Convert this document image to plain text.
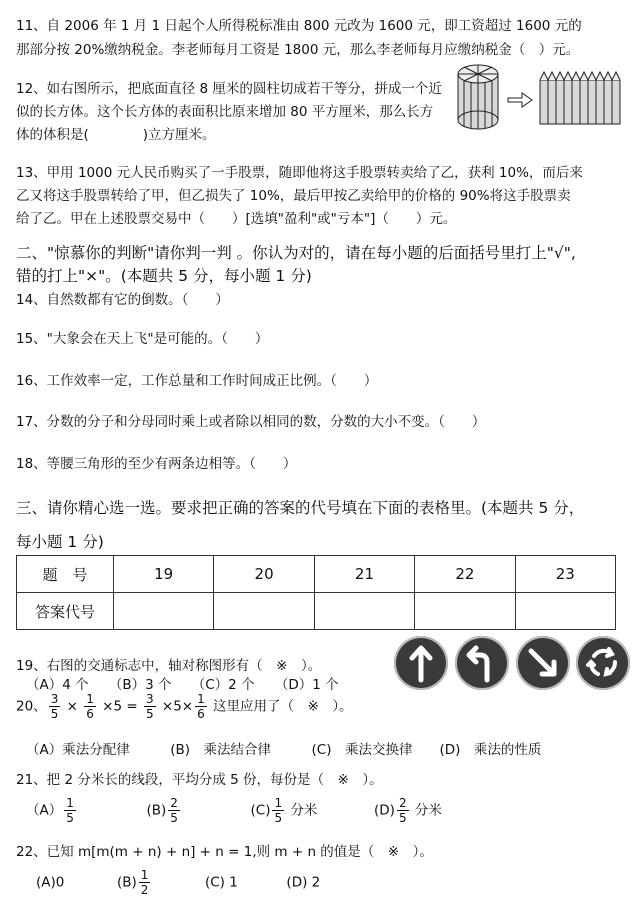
11、自 2006 年 1 月 1 日起个人所得税标准由 800 元改为 1600 元，即工资超过 1600 元的
那部分按 20%缴纳税金。李老师每月工资是 1800 元，那么李老师每月应缴纳税金（　）元。
12、如右图所示，把底面直径 8 厘米的圆柱切成若干等分，拼成一个近
似的长方体。这个长方体的表面积比原来增加 80 平方厘米，那么长方
体的体积是(　　　　)立方厘米。
13、甲用 1000 元人民币购买了一手股票，随即他将这手股票转卖给了乙，获利 10%，而后来
乙又将这手股票转给了甲，但乙损失了 10%，最后甲按乙卖给甲的价格的 90%将这手股票卖
给了乙。甲在上述股票交易中（　　）[选填"盈利"或"亏本"]（　　）元。
二、"惊慕你的判断"请你判一判 。你认为对的，请在每小题的后面括号里打上"√",
错的打上"×"。(本题共 5 分，每小题 1 分)
14、自然数都有它的倒数。（　　）
15、"大象会在天上飞"是可能的。（　　）
16、工作效率一定，工作总量和工作时间成正比例。（　　）
17、分数的分子和分母同时乘上或者除以相同的数，分数的大小不变。（　　）
18、等腰三角形的至少有两条边相等。（　　）
三、请你精心选一选。要求把正确的答案的代号填在下面的表格里。(本题共 5 分，
每小题 1 分)
题　号	19	20	21	22	23
答案代号					
19、右图的交通标志中，轴对称图形有（　※　）。
（A）4 个　　（B）3 个　　（C）2 个　　（D）1 个
20、 $\frac{3}{5} \times \frac{1}{6} \times 5 = \frac{3}{5} \times 5\times \frac{1}{6}$ 这里应用了（　※　）。
（A）乘法分配律　　　(B)　乘法结合律　　　(C)　乘法交换律　　(D)　乘法的性质
21、把 2 分米长的线段，平均分成 5 份，每份是（　※　）。
$(A) \frac{1}{5}$	$(B) \frac{2}{5}$	$(C) \frac{1}{5}$ 分米	$(D) \frac{2}{5}$ 分米
22、已知 m[m(m + n) + n] + n = 1,则 m + n 的值是（　※　）。
(A)0	$(B) \frac{1}{2}$	(C) 1	(D) 2
